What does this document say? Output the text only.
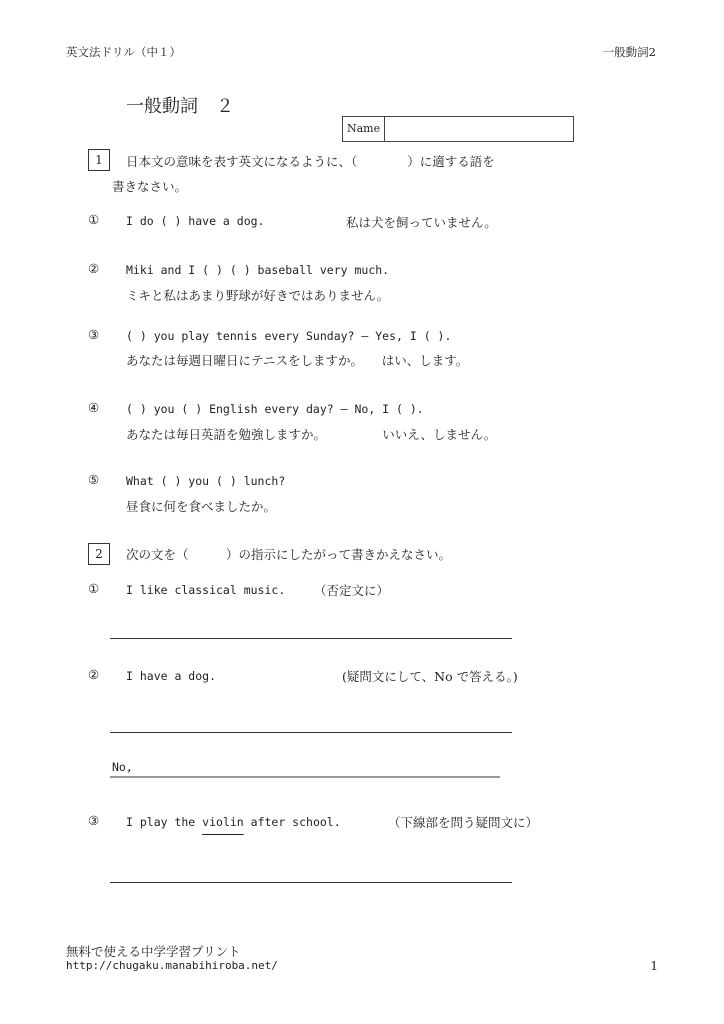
英文法ドリル（中１）	一般動詞2
一般動詞　２
Name
1	日本文の意味を表す英文になるように、（　　　　）に適する語を
書きなさい。
① I do ( ) have a dog.	私は犬を飼っていません。
② Miki and I ( ) ( ) baseball very much.
ミキと私はあまり野球が好きではありません。
③ ( ) you play tennis every Sunday? ― Yes, I ( ).
あなたは毎週日曜日にテニスをしますか。　　はい、します。
④ ( ) you ( ) English every day? ― No, I ( ).
あなたは毎日英語を勉強しますか。　　　　　いいえ、しません。
⑤ What ( ) you ( ) lunch?
昼食に何を食べましたか。
2	次の文を（　　　）の指示にしたがって書きかえなさい。
① I like classical music. （否定文に）
② I have a dog.	(疑問文にして、No で答える。)
No,
③ I play the violin after school.	（下線部を問う疑問文に）
無料で使える中学学習プリント
http://chugaku.manabihiroba.net/	1
